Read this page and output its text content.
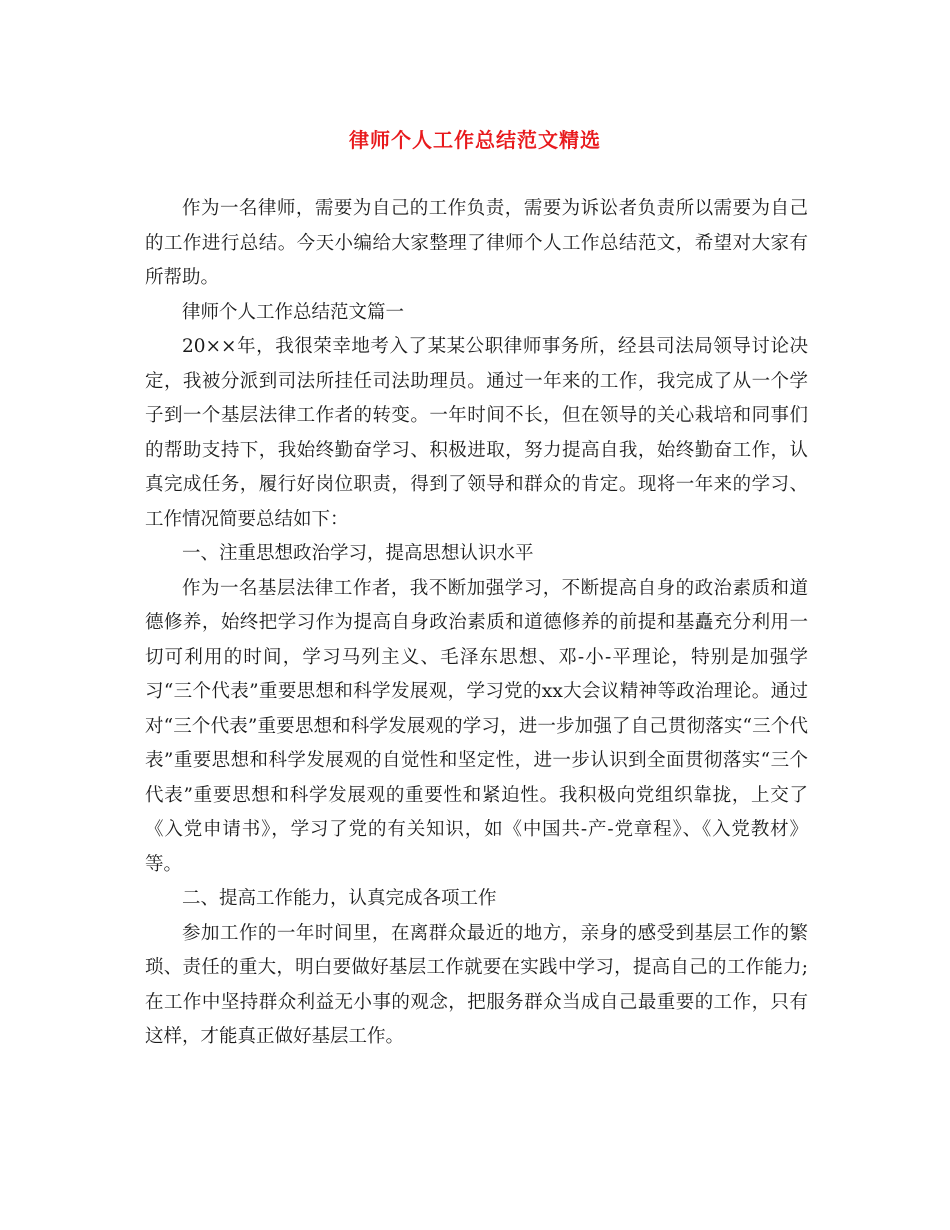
律师个人工作总结范文精选

作为一名律师，需要为自己的工作负责，需要为诉讼者负责所以需要为自己的工作进行总结。今天小编给大家整理了律师个人工作总结范文，希望对大家有所帮助。

律师个人工作总结范文篇一

20××年，我很荣幸地考入了某某公职律师事务所，经县司法局领导讨论决定，我被分派到司法所挂任司法助理员。通过一年来的工作，我完成了从一个学子到一个基层法律工作者的转变。一年时间不长，但在领导的关心栽培和同事们的帮助支持下，我始终勤奋学习、积极进取，努力提高自我，始终勤奋工作，认真完成任务，履行好岗位职责，得到了领导和群众的肯定。现将一年来的学习、工作情况简要总结如下：

一、注重思想政治学习，提高思想认识水平

作为一名基层法律工作者，我不断加强学习，不断提高自身的政治素质和道德修养，始终把学习作为提高自身政治素质和道德修养的前提和基矗充分利用一切可利用的时间，学习马列主义、毛泽东思想、邓-小-平理论，特别是加强学习“三个代表”重要思想和科学发展观，学习党的xx大会议精神等政治理论。通过对“三个代表”重要思想和科学发展观的学习，进一步加强了自己贯彻落实“三个代表”重要思想和科学发展观的自觉性和坚定性，进一步认识到全面贯彻落实“三个代表”重要思想和科学发展观的重要性和紧迫性。我积极向党组织靠拢，上交了《入党申请书》，学习了党的有关知识，如《中国共-产-党章程》、《入党教材》等。

二、提高工作能力，认真完成各项工作

参加工作的一年时间里，在离群众最近的地方，亲身的感受到基层工作的繁琐、责任的重大，明白要做好基层工作就要在实践中学习，提高自己的工作能力;在工作中坚持群众利益无小事的观念，把服务群众当成自己最重要的工作，只有这样，才能真正做好基层工作。
